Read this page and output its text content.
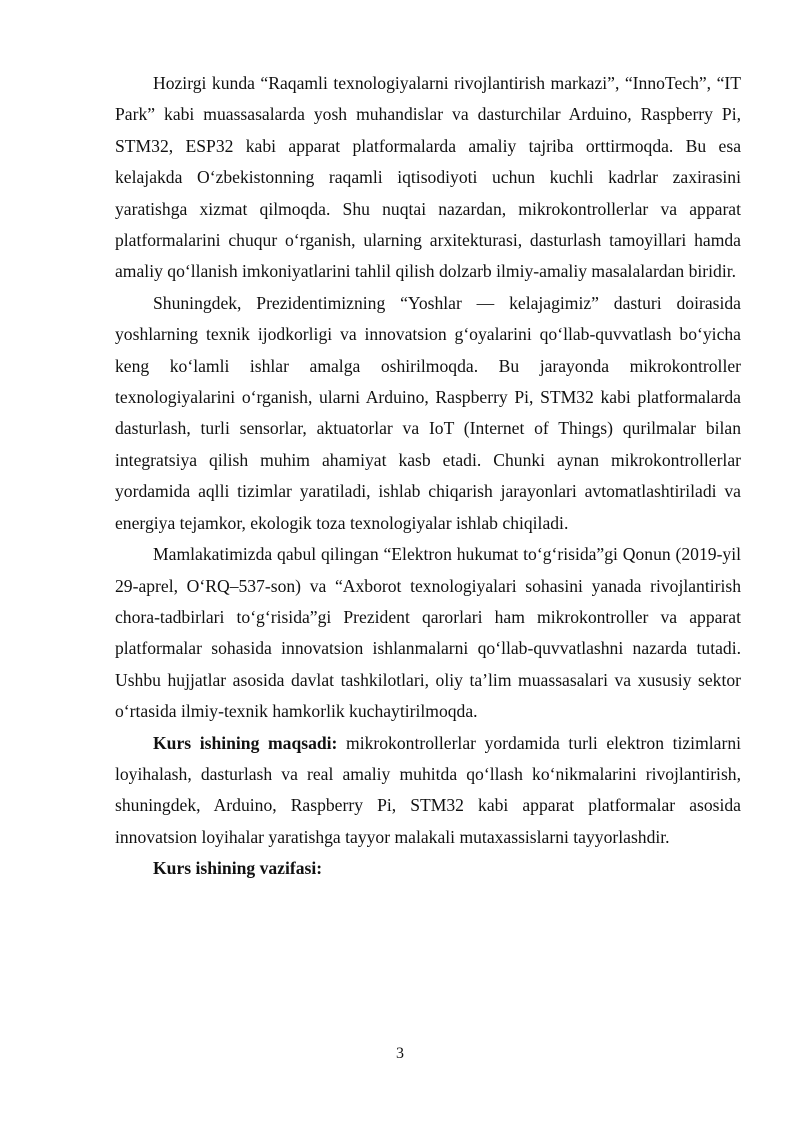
Hozirgi kunda “Raqamli texnologiyalarni rivojlantirish markazi”, “InnoTech”, “IT Park” kabi muassasalarda yosh muhandislar va dasturchilar Arduino, Raspberry Pi, STM32, ESP32 kabi apparat platformalarda amaliy tajriba orttirmoqda. Bu esa kelajakda O‘zbekistonning raqamli iqtisodiyoti uchun kuchli kadrlar zaxirasini yaratishga xizmat qilmoqda. Shu nuqtai nazardan, mikrokontrollerlar va apparat platformalarini chuqur o‘rganish, ularning arxitekturasi, dasturlash tamoyillari hamda amaliy qo‘llanish imkoniyatlarini tahlil qilish dolzarb ilmiy-amaliy masalalardan biridir.

Shuningdek, Prezidentimizning “Yoshlar — kelajagimiz” dasturi doirasida yoshlarning texnik ijodkorligi va innovatsion g‘oyalarini qo‘llab-quvvatlash bo‘yicha keng ko‘lamli ishlar amalga oshirilmoqda. Bu jarayonda mikrokontroller texnologiyalarini o‘rganish, ularni Arduino, Raspberry Pi, STM32 kabi platformalarda dasturlash, turli sensorlar, aktuatorlar va IoT (Internet of Things) qurilmalar bilan integratsiya qilish muhim ahamiyat kasb etadi. Chunki aynan mikrokontrollerlar yordamida aqlli tizimlar yaratiladi, ishlab chiqarish jarayonlari avtomatlashtiriladi va energiya tejamkor, ekologik toza texnologiyalar ishlab chiqiladi.

Mamlakatimizda qabul qilingan “Elektron hukumat to‘g‘risida”gi Qonun (2019-yil 29-aprel, O‘RQ–537-son) va “Axborot texnologiyalari sohasini yanada rivojlantirish chora-tadbirlari to‘g‘risida”gi Prezident qarorlari ham mikrokontroller va apparat platformalar sohasida innovatsion ishlanmalarni qo‘llab-quvvatlashni nazarda tutadi. Ushbu hujjatlar asosida davlat tashkilotlari, oliy ta’lim muassasalari va xususiy sektor o‘rtasida ilmiy-texnik hamkorlik kuchaytirilmoqda.

Kurs ishining maqsadi: mikrokontrollerlar yordamida turli elektron tizimlarni loyihalash, dasturlash va real amaliy muhitda qo‘llash ko‘nikmalarini rivojlantirish, shuningdek, Arduino, Raspberry Pi, STM32 kabi apparat platformalar asosida innovatsion loyihalar yaratishga tayyor malakali mutaxassislarni tayyorlashdir.

Kurs ishining vazifasi:

3
